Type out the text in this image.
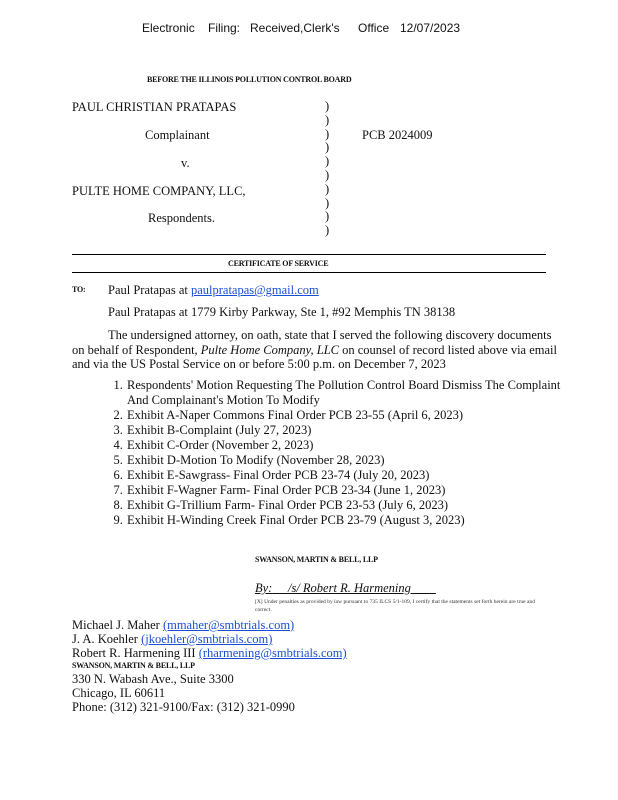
Electronic Filing: Received,Clerk's Office 12/07/2023
BEFORE THE ILLINOIS POLLUTION CONTROL BOARD
PAUL CHRISTIAN PRATAPAS
Complainant
v.
PULTE HOME COMPANY, LLC,
Respondents.
PCB 2024009
)
)
)
)
)
)
)
)
)
)
CERTIFICATE OF SERVICE
TO: Paul Pratapas at paulpratapas@gmail.com
Paul Pratapas at 1779 Kirby Parkway, Ste 1, #92 Memphis TN 38138
The undersigned attorney, on oath, state that I served the following discovery documents
on behalf of Respondent, Pulte Home Company, LLC on counsel of record listed above via email
and via the US Postal Service on or before 5:00 p.m. on December 7, 2023
1. Respondents' Motion Requesting The Pollution Control Board Dismiss The Complaint And Complainant's Motion To Modify
2. Exhibit A-Naper Commons Final Order PCB 23-55 (April 6, 2023)
3. Exhibit B-Complaint (July 27, 2023)
4. Exhibit C-Order (November 2, 2023)
5. Exhibit D-Motion To Modify (November 28, 2023)
6. Exhibit E-Sawgrass- Final Order PCB 23-74 (July 20, 2023)
7. Exhibit F-Wagner Farm- Final Order PCB 23-34 (June 1, 2023)
8. Exhibit G-Trillium Farm- Final Order PCB 23-53 (July 6, 2023)
9. Exhibit H-Winding Creek Final Order PCB 23-79 (August 3, 2023)
SWANSON, MARTIN & BELL, LLP
By: /s/ Robert R. Harmening
[X] Under penalties as provided by law pursuant to 735 ILCS 5/1-109, I certify that the statements set forth herein are true and correct.
Michael J. Maher (mmaher@smbtrials.com)
J. A. Koehler (jkoehler@smbtrials.com)
Robert R. Harmening III (rharmening@smbtrials.com)
SWANSON, MARTIN & BELL, LLP
330 N. Wabash Ave., Suite 3300
Chicago, IL 60611
Phone: (312) 321-9100/Fax: (312) 321-0990
